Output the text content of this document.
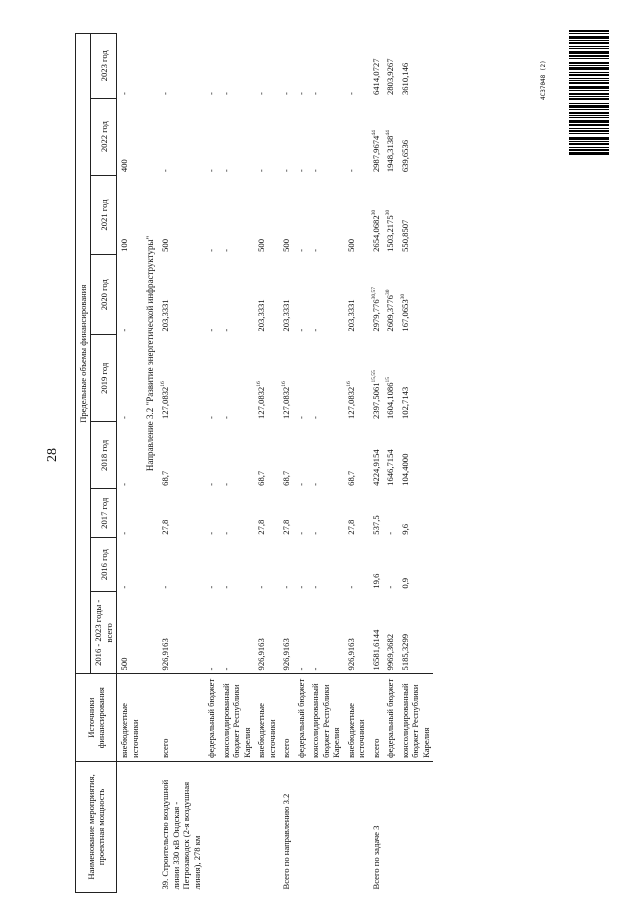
28
Наименование мероприятия, проектная мощность	Источники финансирования	Предельные объемы финансирования								
		2016 - 2023 годы - всего	2016 год	2017 год	2018 год	2019 год	2020 год	2021 год	2022 год	2023 год
	внебюджетные источники	500	-	-	-	-	-	100	400	-
		Направление 3.2 "Развитие энергетической инфраструктуры"								
39. Строительство воздушной линии 330 кВ Ондская - Петрозаводск (2-я воздушная линия), 278 км	всего	926,9163	-	27,8	68,7	127,0832$^{16}$	203,3331	500	-	-
	федеральный бюджет	-	-	-	-	-	-	-	-	-
	консолидированный бюджет Республики Карелия	-	-	-	-	-	-	-	-	-
	внебюджетные источники	926,9163	-	27,8	68,7	127,0832$^{16}$	203,3331	500	-	-
Всего по направлению 3.2	всего	926,9163	-	27,8	68,7	127,0832$^{16}$	203,3331	500	-	-
	федеральный бюджет	-	-	-	-	-	-	-	-	-
	консолидированный бюджет Республики Карелия	-	-	-	-	-	-	-	-	-
	внебюджетные источники	926,9163	-	27,8	68,7	127,0832$^{16}$	203,3331	500	-	-
Всего по задаче 3	всего	16581,6144	19,6	537,5	4224,9154	2397,5061$^{15,55}$	2979,776$^{30,57}$	2654,0682$^{30}$	2987,9674$^{44}$	6414,0727
	федеральный бюджет	9969,3682	-	-	1646,7154	1604,1086$^{15}$	2609,3776$^{30}$	1503,2175$^{30}$	1948,3138$^{44}$	2803,9267
	консолидированный бюджет Республики Карелия	5185,3299	0,9	9,6	104,4000	102,7143	167,0653$^{30}$	550,8507	639,6536	3610,146	4C37048 (2)
